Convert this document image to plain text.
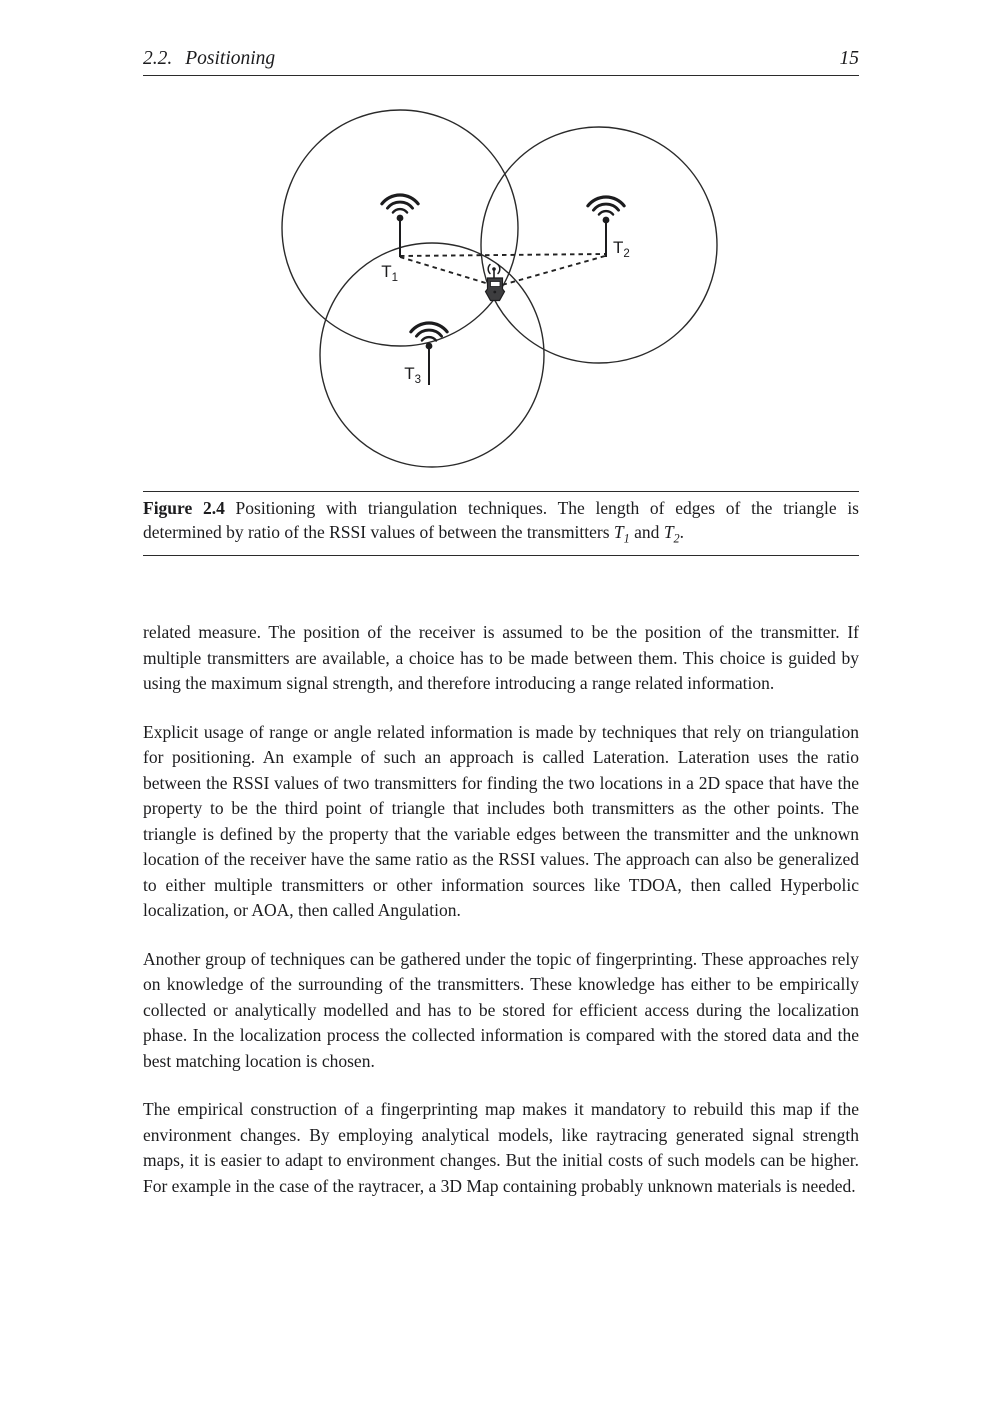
2.2. Positioning	15
$T_1$
$T_2$
$T_3$

Figure 2.4 Positioning with triangulation techniques. The length of edges of the triangle is determined by ratio of the RSSI values of between the transmitters $T_1$ and $T_2$.

related measure. The position of the receiver is assumed to be the position of the transmitter. If multiple transmitters are available, a choice has to be made between them. This choice is guided by using the maximum signal strength, and therefore introducing a range related information.

Explicit usage of range or angle related information is made by techniques that rely on triangulation for positioning. An example of such an approach is called Lateration. Lateration uses the ratio between the RSSI values of two transmitters for finding the two locations in a 2D space that have the property to be the third point of triangle that includes both transmitters as the other points. The triangle is defined by the property that the variable edges between the transmitter and the unknown location of the receiver have the same ratio as the RSSI values. The approach can also be generalized to either multiple transmitters or other information sources like TDOA, then called Hyperbolic localization, or AOA, then called Angulation.

Another group of techniques can be gathered under the topic of fingerprinting. These approaches rely on knowledge of the surrounding of the transmitters. These knowledge has either to be empirically collected or analytically modelled and has to be stored for efficient access during the localization phase. In the localization process the collected information is compared with the stored data and the best matching location is chosen.

The empirical construction of a fingerprinting map makes it mandatory to rebuild this map if the environment changes. By employing analytical models, like raytracing generated signal strength maps, it is easier to adapt to environment changes. But the initial costs of such models can be higher. For example in the case of the raytracer, a 3D Map containing probably unknown materials is needed.
